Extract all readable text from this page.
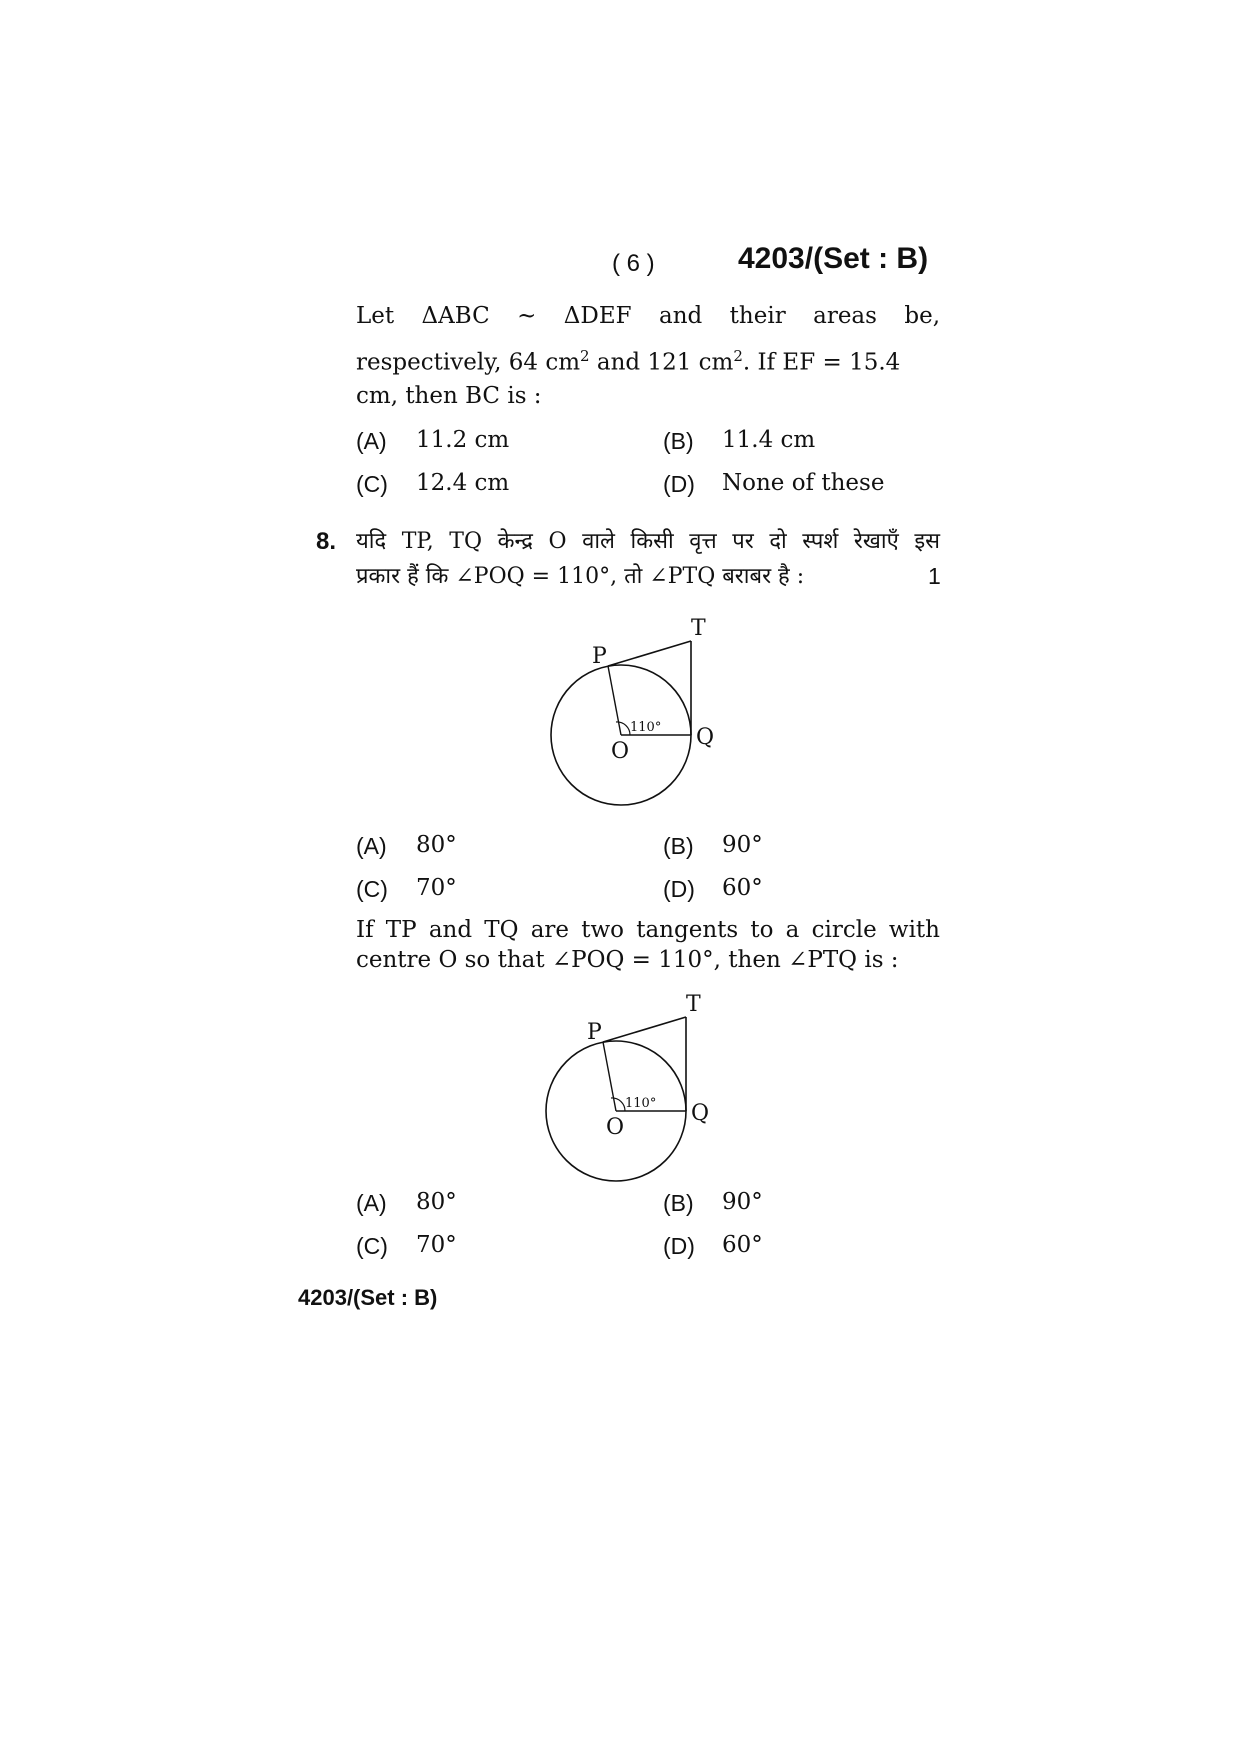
( 6 )	4203/(Set : B)
Let ΔABC ~ ΔDEF and their areas be,
respectively, 64 $cm^2$ and 121 $cm^2$. If EF = 15.4
cm, then BC is :
(A) 11.2 cm	(B) 11.4 cm
(C) 12.4 cm	(D) None of these
8. यदि TP, TQ केन्द्र O वाले किसी वृत्त पर दो स्पर्श रेखाएँ इस
प्रकार हैं कि ∠POQ = 110°, तो ∠PTQ बराबर है :	1
T
P
O
Q
110°
(A) 80°	(B) 90°
(C) 70°	(D) 60°
If TP and TQ are two tangents to a circle with
centre O so that ∠POQ = 110°, then ∠PTQ is :
T
P
O
Q
110°
(A) 80°	(B) 90°
(C) 70°	(D) 60°
4203/(Set : B)
